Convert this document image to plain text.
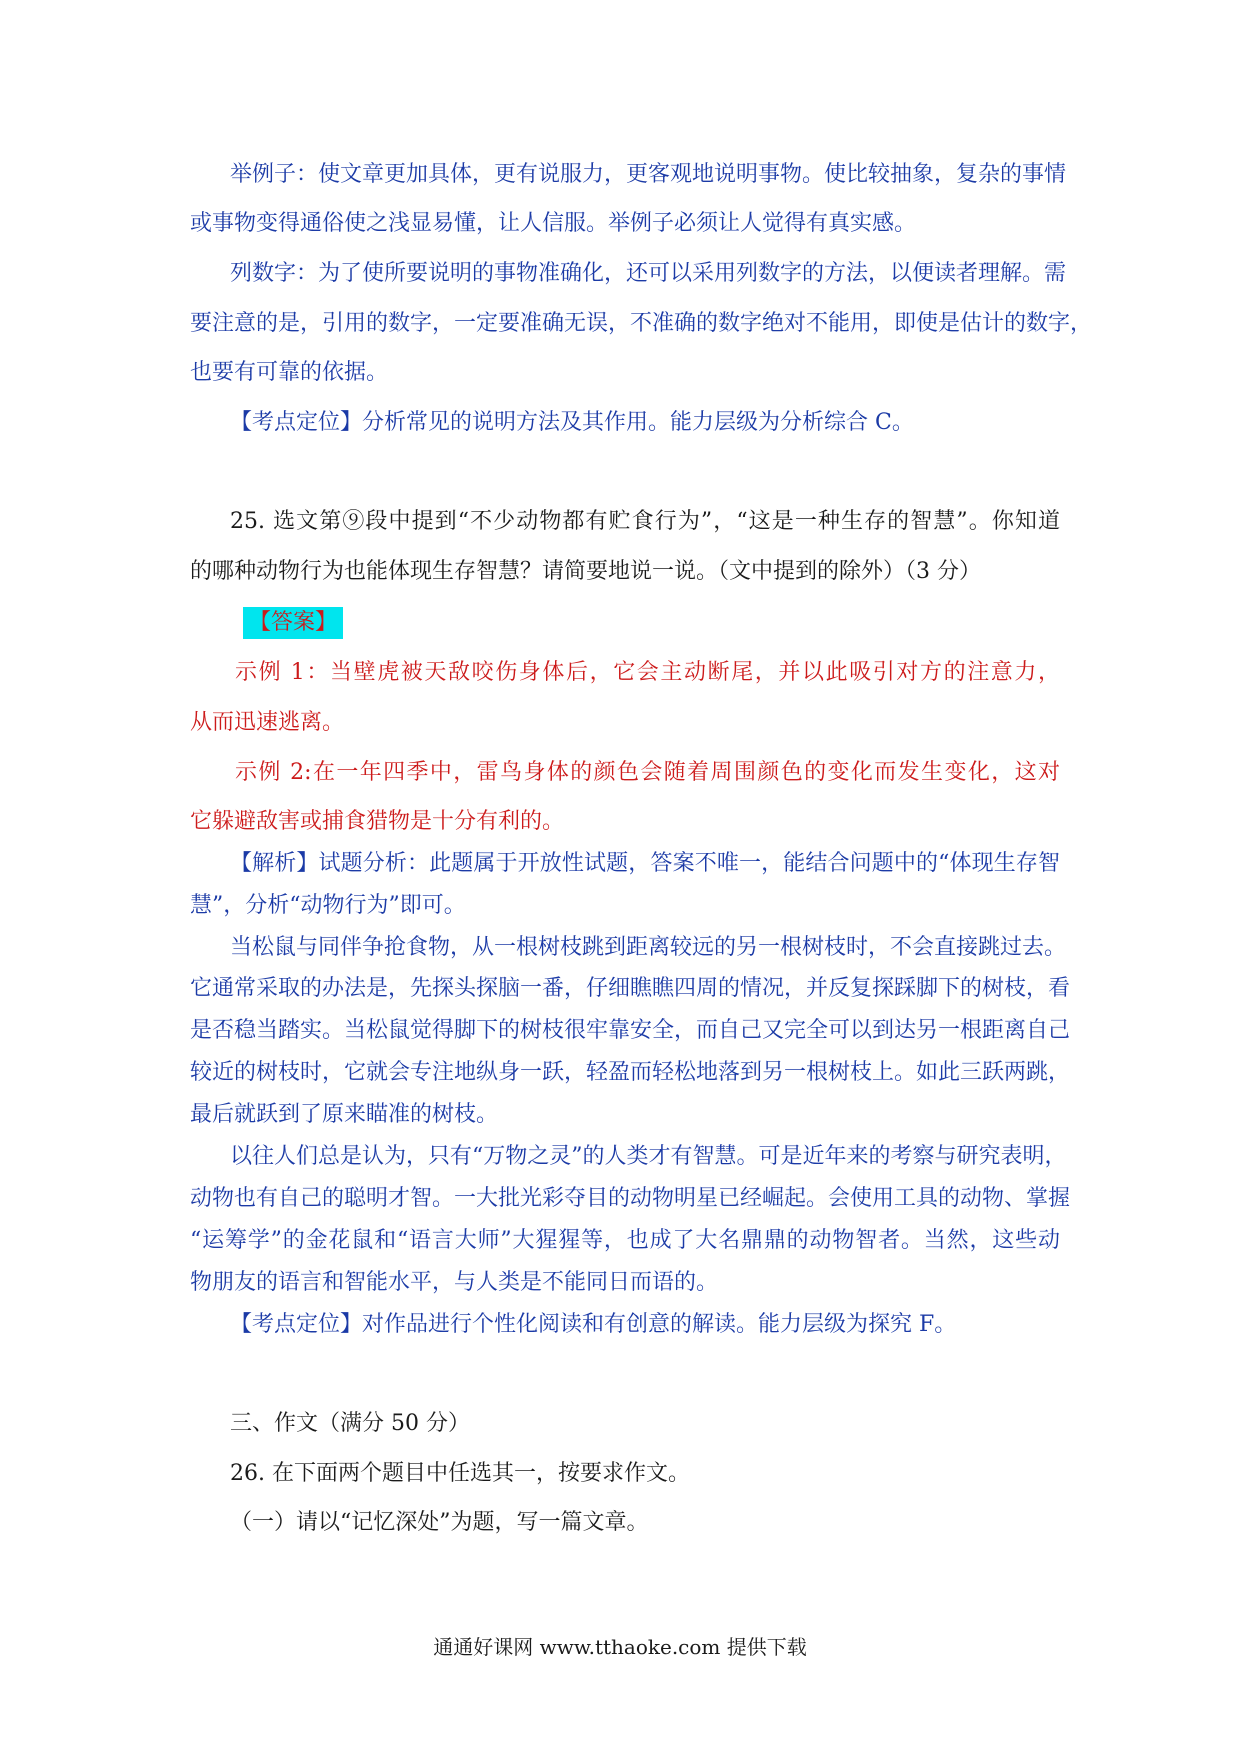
举例子：使文章更加具体，更有说服力，更客观地说明事物。使比较抽象，复杂的事情
或事物变得通俗使之浅显易懂，让人信服。举例子必须让人觉得有真实感。
列数字：为了使所要说明的事物准确化，还可以采用列数字的方法，以便读者理解。需
要注意的是，引用的数字，一定要准确无误，不准确的数字绝对不能用，即使是估计的数字，
也要有可靠的依据。
【考点定位】分析常见的说明方法及其作用。能力层级为分析综合 C。
25. 选文第⑨段中提到“不少动物都有贮食行为”，“这是一种生存的智慧”。你知道
的哪种动物行为也能体现生存智慧？请简要地说一说。（文中提到的除外）（3 分）
【答案】
示例 1：当壁虎被天敌咬伤身体后，它会主动断尾，并以此吸引对方的注意力，
从而迅速逃离。
示例 2:在一年四季中，雷鸟身体的颜色会随着周围颜色的变化而发生变化，这对
它躲避敌害或捕食猎物是十分有利的。
【解析】试题分析：此题属于开放性试题，答案不唯一，能结合问题中的“体现生存智
慧”，分析“动物行为”即可。
当松鼠与同伴争抢食物，从一根树枝跳到距离较远的另一根树枝时，不会直接跳过去。
它通常采取的办法是，先探头探脑一番，仔细瞧瞧四周的情况，并反复探踩脚下的树枝，看
是否稳当踏实。当松鼠觉得脚下的树枝很牢靠安全，而自己又完全可以到达另一根距离自己
较近的树枝时，它就会专注地纵身一跃，轻盈而轻松地落到另一根树枝上。如此三跃两跳，
最后就跃到了原来瞄准的树枝。
以往人们总是认为，只有“万物之灵”的人类才有智慧。可是近年来的考察与研究表明，
动物也有自己的聪明才智。一大批光彩夺目的动物明星已经崛起。会使用工具的动物、掌握
“运筹学”的金花鼠和“语言大师”大猩猩等，也成了大名鼎鼎的动物智者。当然，这些动
物朋友的语言和智能水平，与人类是不能同日而语的。
【考点定位】对作品进行个性化阅读和有创意的解读。能力层级为探究 F。
三、作文（满分 50 分）
26. 在下面两个题目中任选其一，按要求作文。
（一）请以“记忆深处”为题，写一篇文章。
通通好课网 www.tthaoke.com 提供下载
